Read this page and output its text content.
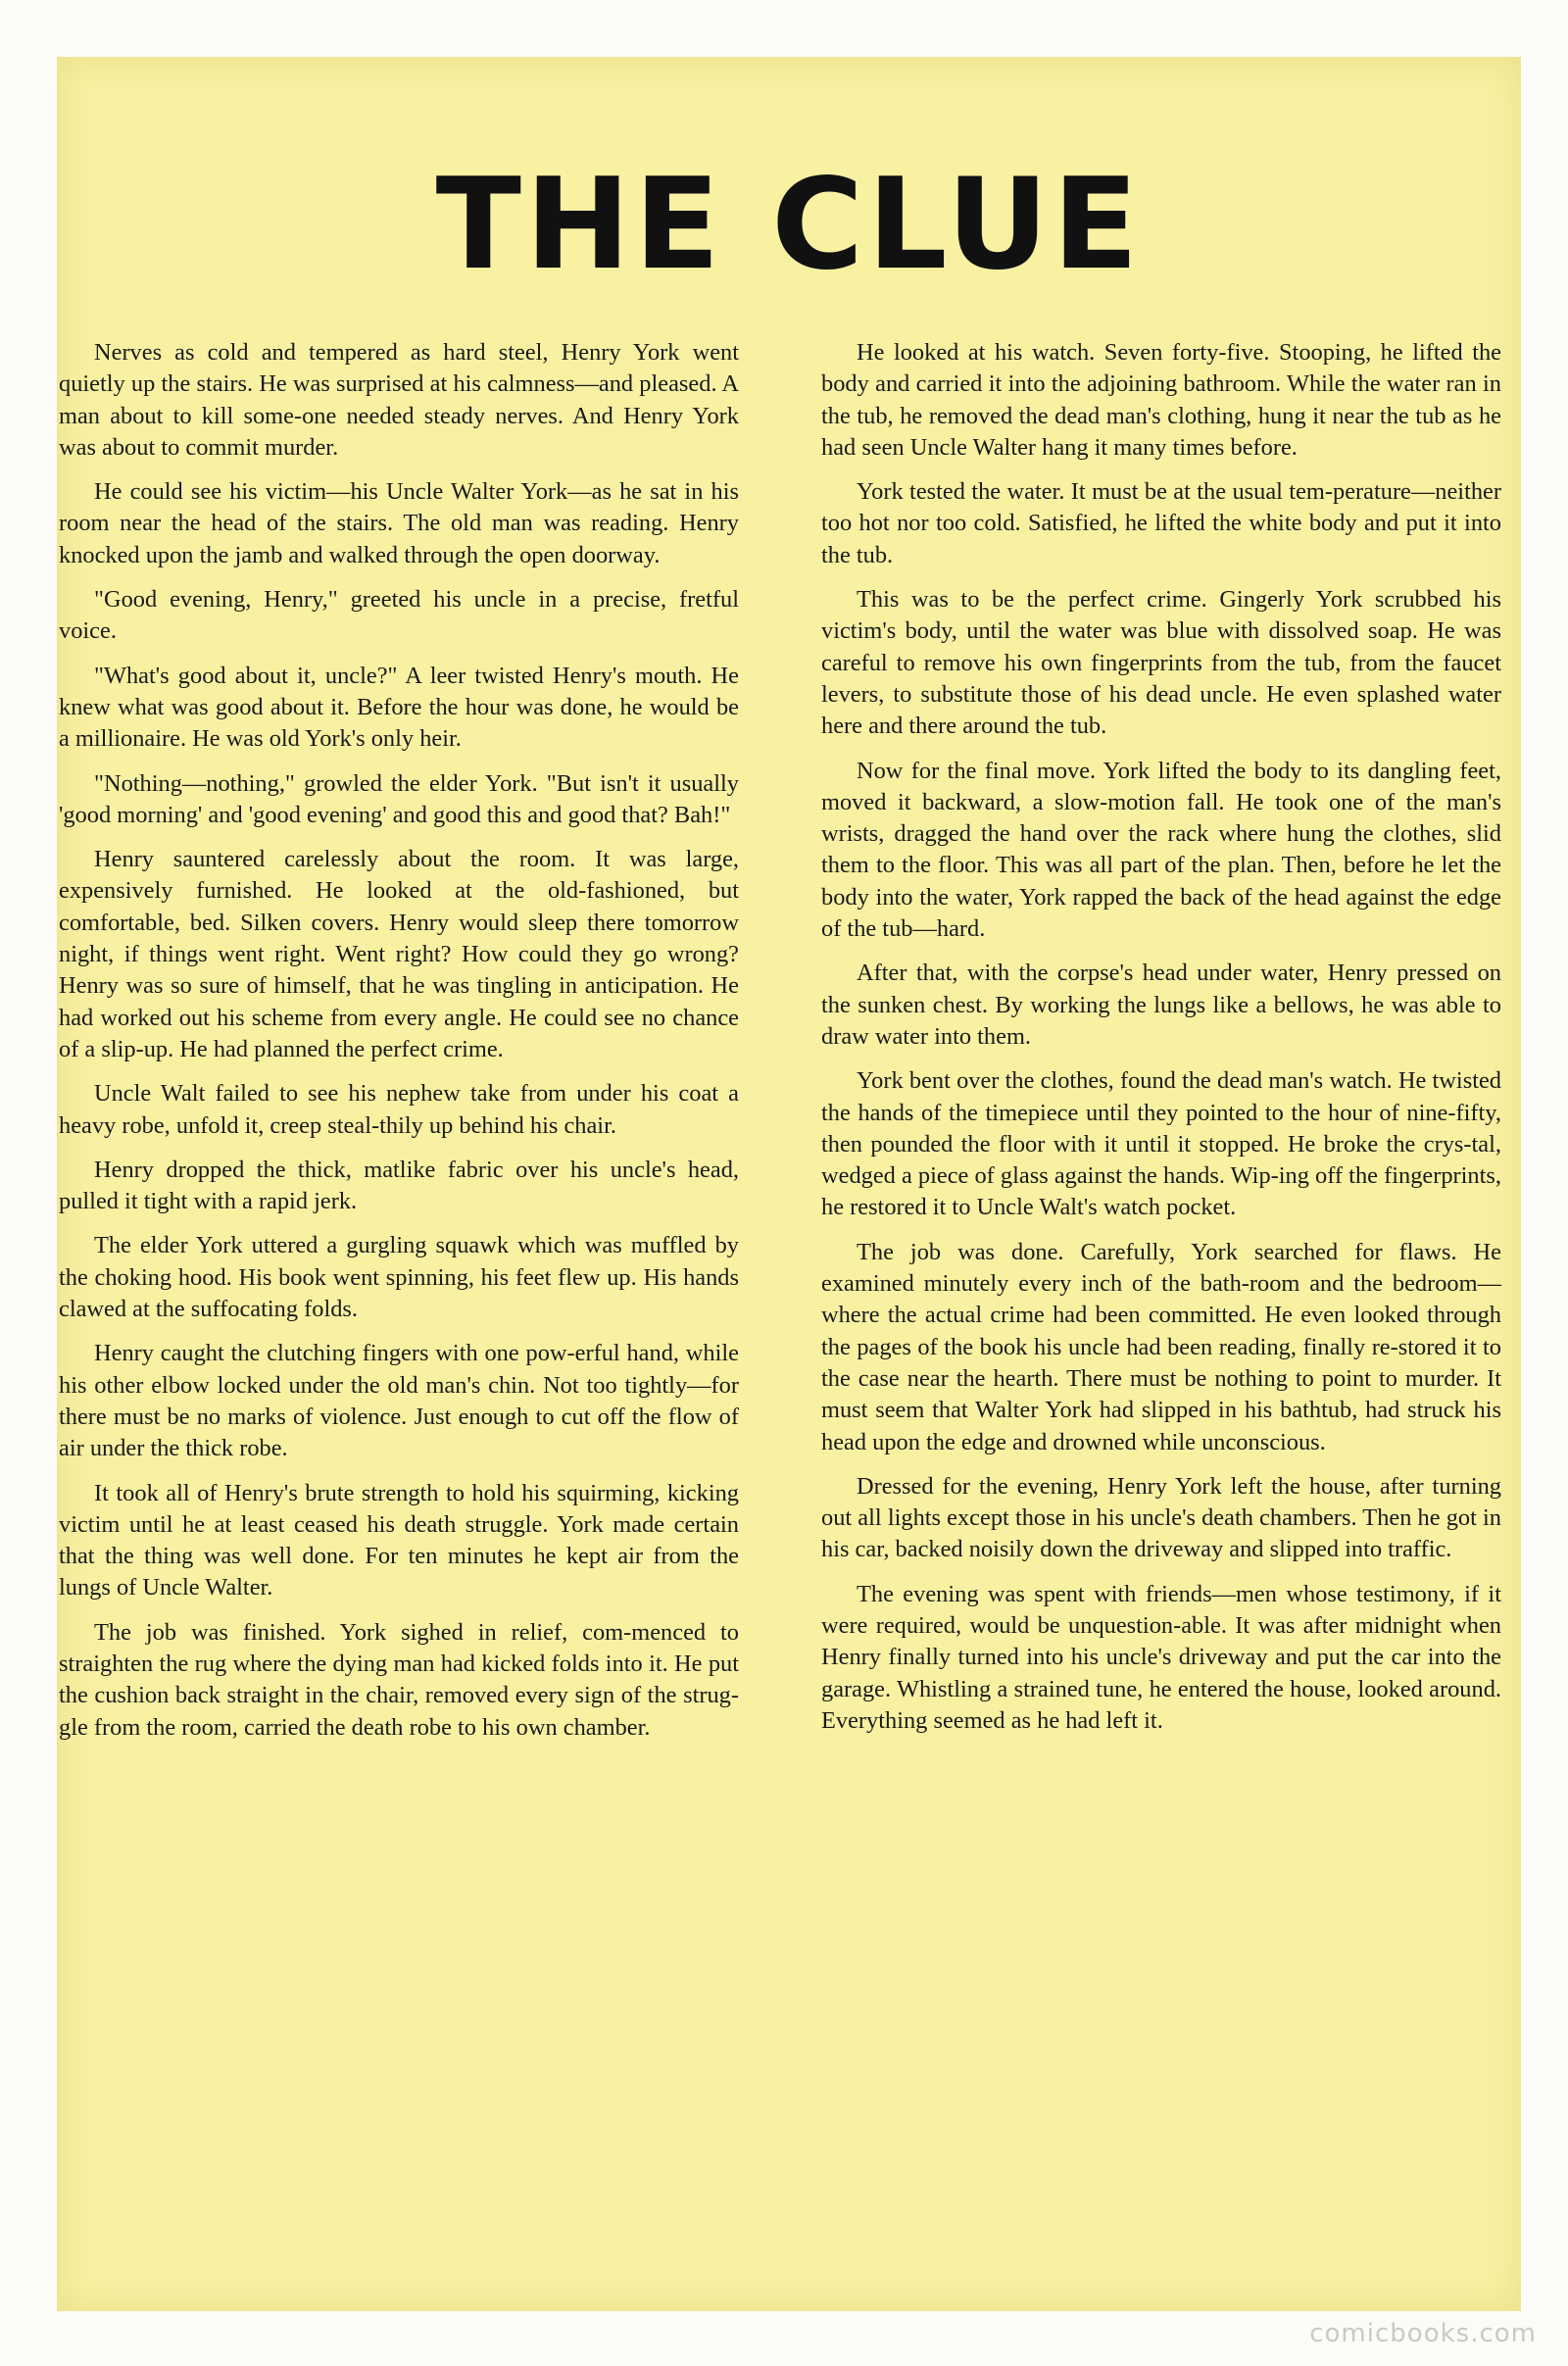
THE CLUE

Nerves as cold and tempered as hard steel, Henry York went quietly up the stairs. He was surprised at his calmness—and pleased. A man about to kill some-one needed steady nerves. And Henry York was about to commit murder.

He could see his victim—his Uncle Walter York—as he sat in his room near the head of the stairs. The old man was reading. Henry knocked upon the jamb and walked through the open doorway.

"Good evening, Henry," greeted his uncle in a precise, fretful voice.

"What's good about it, uncle?" A leer twisted Henry's mouth. He knew what was good about it. Before the hour was done, he would be a millionaire. He was old York's only heir.

"Nothing—nothing," growled the elder York. "But isn't it usually 'good morning' and 'good evening' and good this and good that? Bah!"

Henry sauntered carelessly about the room. It was large, expensively furnished. He looked at the old-fashioned, but comfortable, bed. Silken covers. Henry would sleep there tomorrow night, if things went right. Went right? How could they go wrong? Henry was so sure of himself, that he was tingling in anticipation. He had worked out his scheme from every angle. He could see no chance of a slip-up. He had planned the perfect crime.

Uncle Walt failed to see his nephew take from under his coat a heavy robe, unfold it, creep steal-thily up behind his chair.

Henry dropped the thick, matlike fabric over his uncle's head, pulled it tight with a rapid jerk.

The elder York uttered a gurgling squawk which was muffled by the choking hood. His book went spinning, his feet flew up. His hands clawed at the suffocating folds.

Henry caught the clutching fingers with one pow-erful hand, while his other elbow locked under the old man's chin. Not too tightly—for there must be no marks of violence. Just enough to cut off the flow of air under the thick robe.

It took all of Henry's brute strength to hold his squirming, kicking victim until he at least ceased his death struggle. York made certain that the thing was well done. For ten minutes he kept air from the lungs of Uncle Walter.

The job was finished. York sighed in relief, com-menced to straighten the rug where the dying man had kicked folds into it. He put the cushion back straight in the chair, removed every sign of the strug-gle from the room, carried the death robe to his own chamber.

He looked at his watch. Seven forty-five. Stooping, he lifted the body and carried it into the adjoining bathroom. While the water ran in the tub, he removed the dead man's clothing, hung it near the tub as he had seen Uncle Walter hang it many times before.

York tested the water. It must be at the usual tem-perature—neither too hot nor too cold. Satisfied, he lifted the white body and put it into the tub.

This was to be the perfect crime. Gingerly York scrubbed his victim's body, until the water was blue with dissolved soap. He was careful to remove his own fingerprints from the tub, from the faucet levers, to substitute those of his dead uncle. He even splashed water here and there around the tub.

Now for the final move. York lifted the body to its dangling feet, moved it backward, a slow-motion fall. He took one of the man's wrists, dragged the hand over the rack where hung the clothes, slid them to the floor. This was all part of the plan. Then, before he let the body into the water, York rapped the back of the head against the edge of the tub—hard.

After that, with the corpse's head under water, Henry pressed on the sunken chest. By working the lungs like a bellows, he was able to draw water into them.

York bent over the clothes, found the dead man's watch. He twisted the hands of the timepiece until they pointed to the hour of nine-fifty, then pounded the floor with it until it stopped. He broke the crys-tal, wedged a piece of glass against the hands. Wip-ing off the fingerprints, he restored it to Uncle Walt's watch pocket.

The job was done. Carefully, York searched for flaws. He examined minutely every inch of the bath-room and the bedroom—where the actual crime had been committed. He even looked through the pages of the book his uncle had been reading, finally re-stored it to the case near the hearth. There must be nothing to point to murder. It must seem that Walter York had slipped in his bathtub, had struck his head upon the edge and drowned while unconscious.

Dressed for the evening, Henry York left the house, after turning out all lights except those in his uncle's death chambers. Then he got in his car, backed noisily down the driveway and slipped into traffic.

The evening was spent with friends—men whose testimony, if it were required, would be unquestion-able. It was after midnight when Henry finally turned into his uncle's driveway and put the car into the garage. Whistling a strained tune, he entered the house, looked around. Everything seemed as he had left it.

comicbooks.com
